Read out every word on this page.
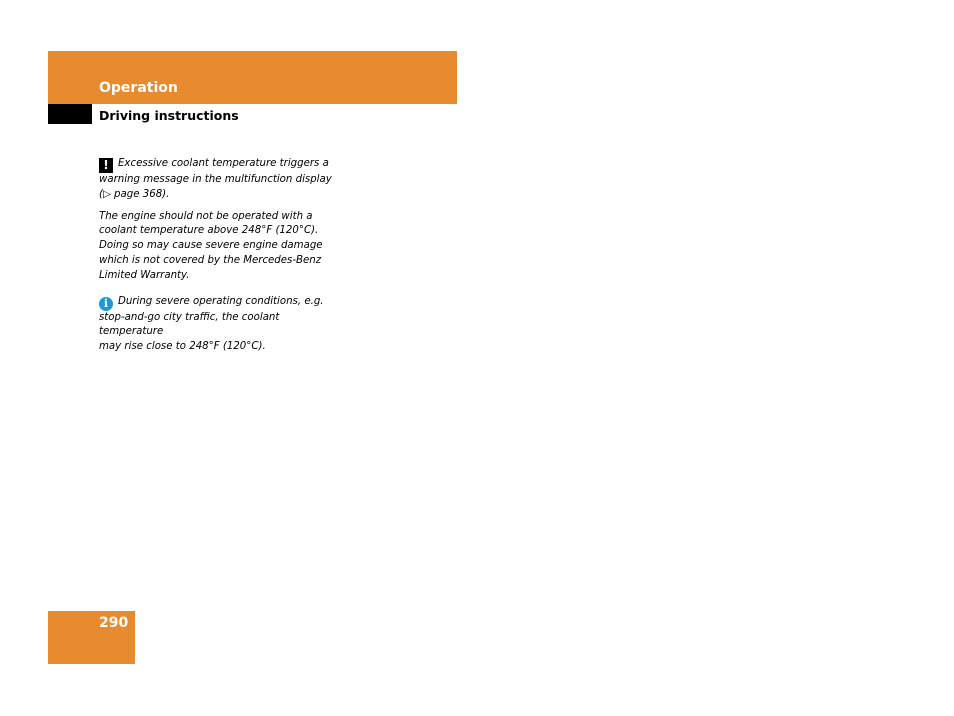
Operation
Driving instructions
! Excessive coolant temperature triggers a
warning message in the multifunction display
(▷ page 368).
The engine should not be operated with a
coolant temperature above 248°F (120°C).
Doing so may cause severe engine damage
which is not covered by the Mercedes-Benz
Limited Warranty.
i During severe operating conditions, e.g.
stop-and-go city traffic, the coolant temperature
may rise close to 248°F (120°C).
290
